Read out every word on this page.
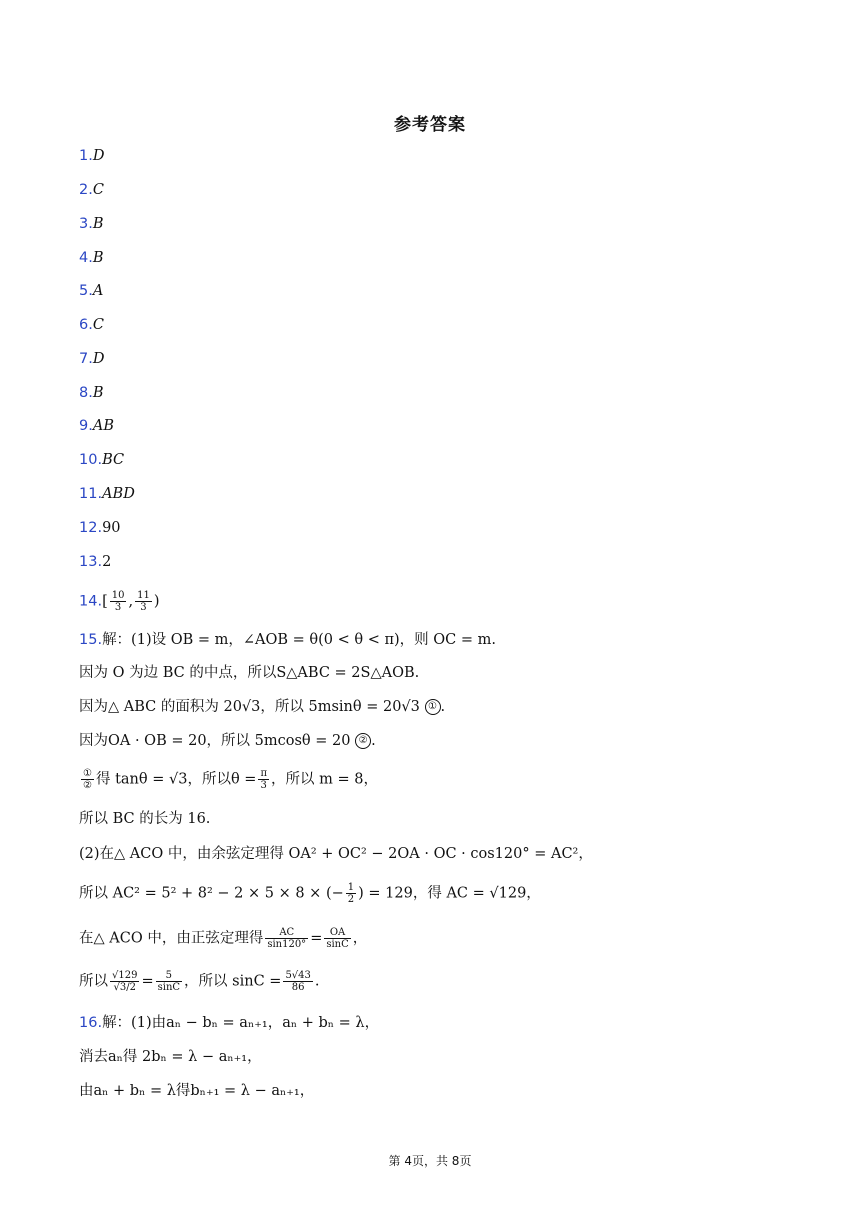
参考答案
1.D
2.C
3.B
4.B
5.A
6.C
7.D
8.B
9.AB
10.BC
11.ABD
12.90
13.2
$14.[ \frac{10}{3}$ , $\frac{11}{3}$ )
15.解：(1)设 OB = m，∠AOB = θ(0 < θ < π)，则 OC = m.
因为 O 为边 BC 的中点，所以S△ABC = 2S△AOB.
因为△ ABC 的面积为 20√3，所以 5msinθ = 20√3 ① .
因为OA · OB = 20，所以 5mcosθ = 20 ② .
$\frac{\text{①}}{\text{②}}$ 得 tanθ = √3，所以$\theta = \frac{\pi}{3}$ ，所以 m = 8，
所以 BC 的长为 16.
(2)在△ ACO 中，由余弦定理得 OA² + OC² − 2OA · OC · cos120° = AC²，
所以 AC² = 5² + 8² − 2 × 5 × 8 × (− $\frac{1}{2}$ ) = 129，得 AC = √129，
在△ ACO 中，由正弦定理得 $\frac{AC}{\sin 120^\circ} = \frac{OA}{\sin C}$ ，
所以 $\frac{√129}{√3/2} = \frac{5}{\sin C}$ ，所以 $\sin C = \frac{5√43}{86}$ .
16.解：(1)由aₙ − bₙ = aₙ₊₁，aₙ + bₙ = λ，
消去aₙ得 2bₙ = λ − aₙ₊₁，
由aₙ + bₙ = λ得bₙ₊₁ = λ − aₙ₊₁，
第 4页，共 8页
